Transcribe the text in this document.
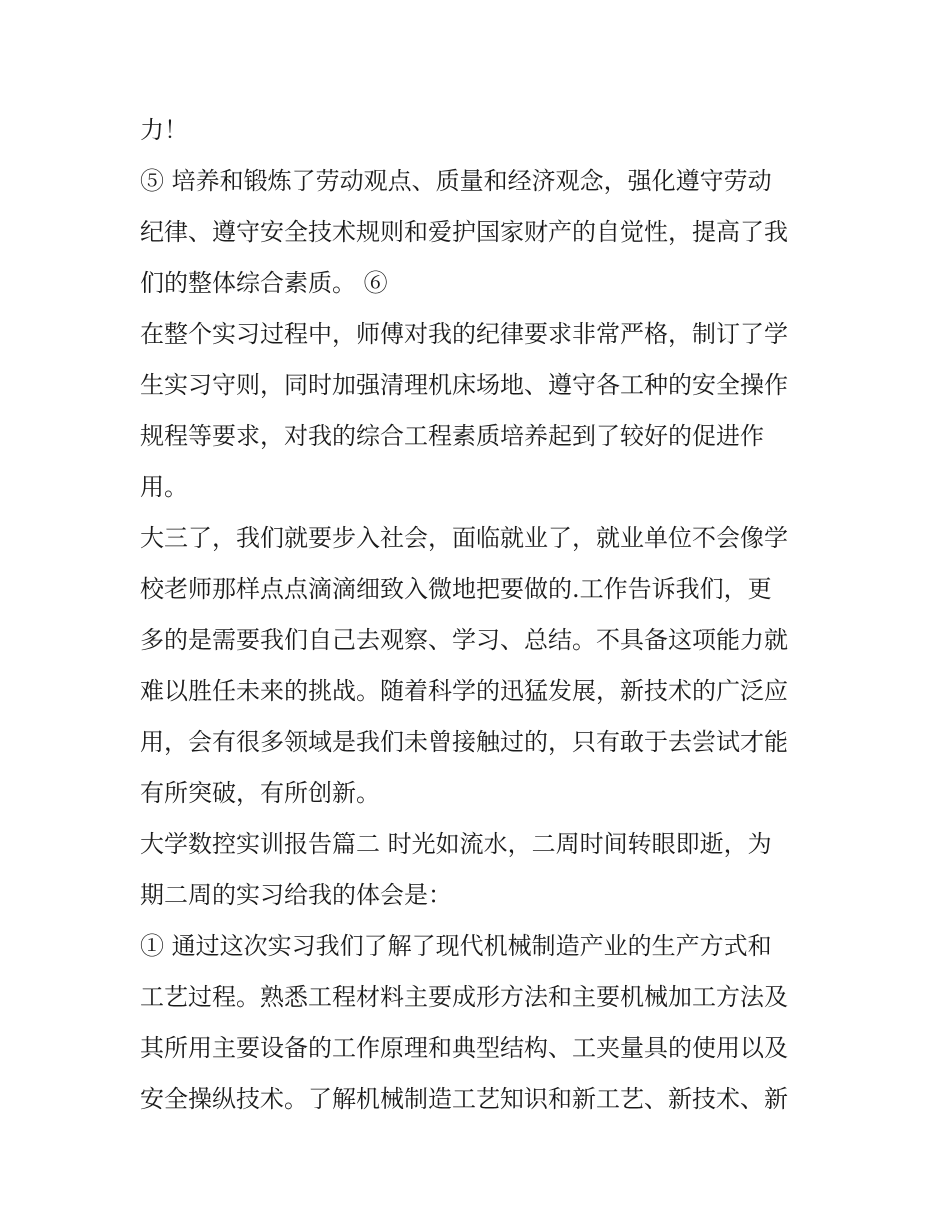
力！
⑤ 培养和锻炼了劳动观点、质量和经济观念，强化遵守劳动
纪律、遵守安全技术规则和爱护国家财产的自觉性，提高了我
们的整体综合素质。 ⑥
在整个实习过程中，师傅对我的纪律要求非常严格，制订了学
生实习守则，同时加强清理机床场地、遵守各工种的安全操作
规程等要求，对我的综合工程素质培养起到了较好的促进作
用。
大三了，我们就要步入社会，面临就业了，就业单位不会像学
校老师那样点点滴滴细致入微地把要做的.工作告诉我们，更
多的是需要我们自己去观察、学习、总结。不具备这项能力就
难以胜任未来的挑战。随着科学的迅猛发展，新技术的广泛应
用，会有很多领域是我们未曾接触过的，只有敢于去尝试才能
有所突破，有所创新。
大学数控实训报告篇二 时光如流水，二周时间转眼即逝，为
期二周的实习给我的体会是：
① 通过这次实习我们了解了现代机械制造产业的生产方式和
工艺过程。熟悉工程材料主要成形方法和主要机械加工方法及
其所用主要设备的工作原理和典型结构、工夹量具的使用以及
安全操纵技术。了解机械制造工艺知识和新工艺、新技术、新
